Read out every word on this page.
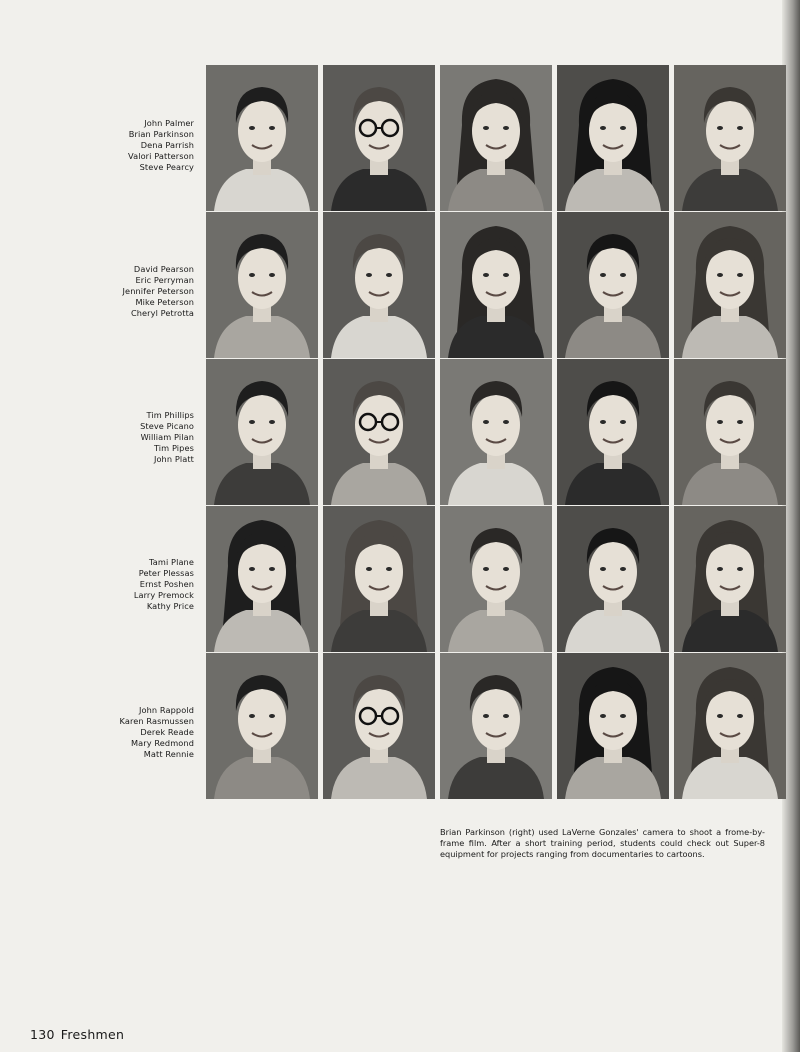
John Palmer
Brian Parkinson
Dena Parrish
Valori Patterson
Steve Pearcy
David Pearson
Eric Perryman
Jennifer Peterson
Mike Peterson
Cheryl Petrotta
Tim Phillips
Steve Picano
William Pilan
Tim Pipes
John Platt
Tami Plane
Peter Plessas
Ernst Poshen
Larry Premock
Kathy Price
John Rappold
Karen Rasmussen
Derek Reade
Mary Redmond
Matt Rennie
Brian Parkinson (right) used LaVerne Gonzales' camera to shoot a frome-by-frame film. After a short training period, students could check out Super-8 equipment for projects ranging from documentaries to cartoons.
130 Freshmen
